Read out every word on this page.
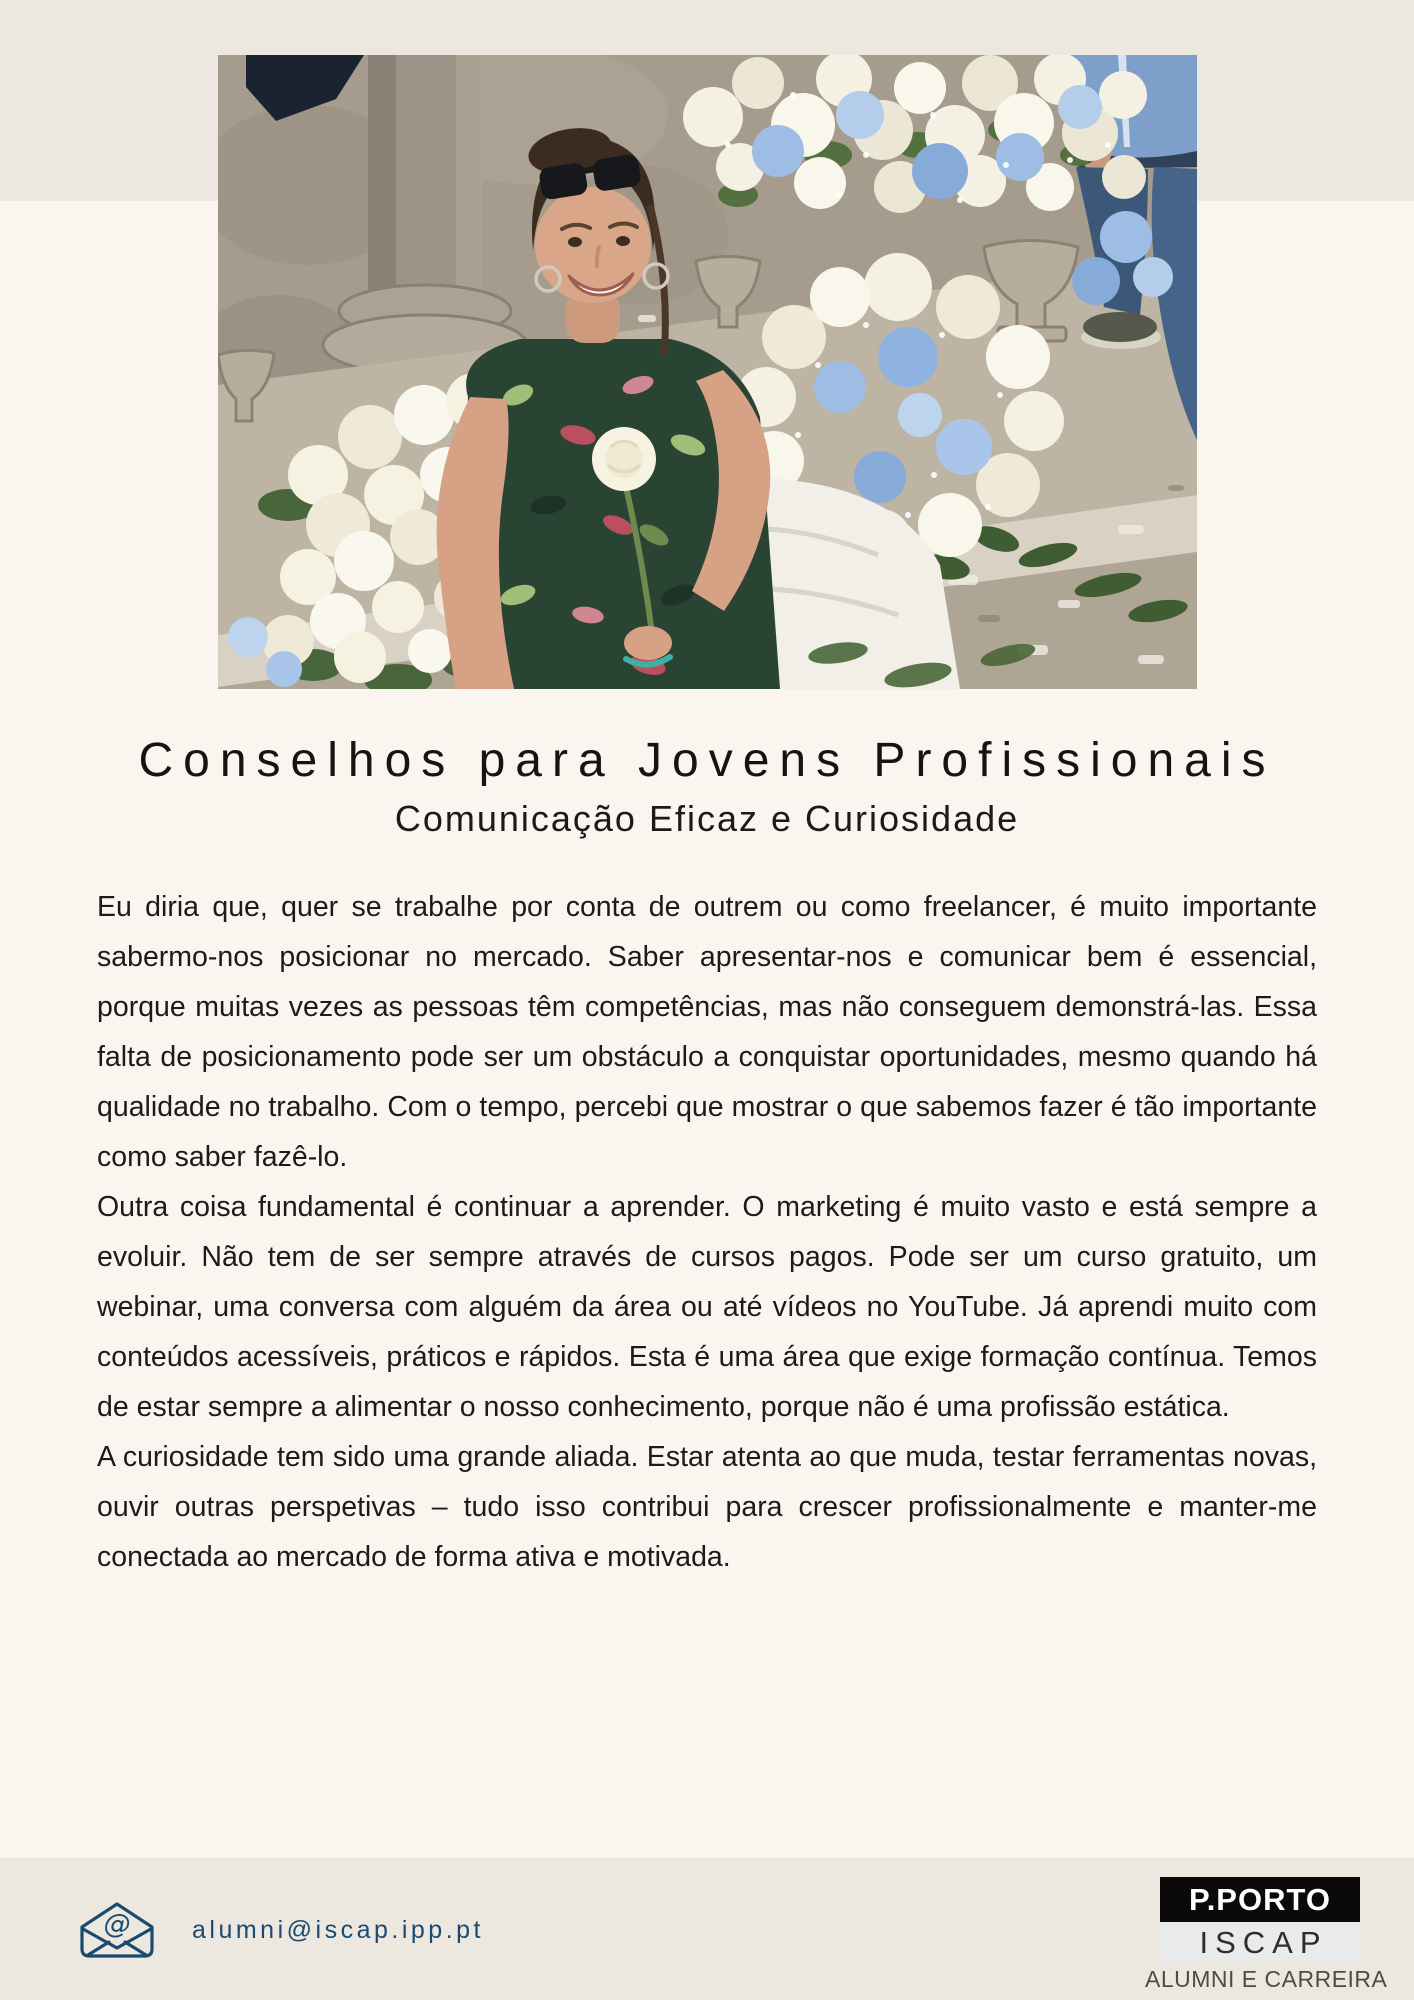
Conselhos para Jovens Profissionais
Comunicação Eficaz e Curiosidade

Eu diria que, quer se trabalhe por conta de outrem ou como freelancer, é muito importante sabermo-nos posicionar no mercado. Saber apresentar-nos e comunicar bem é essencial, porque muitas vezes as pessoas têm competências, mas não conseguem demonstrá-las. Essa falta de posicionamento pode ser um obstáculo a conquistar oportunidades, mesmo quando há qualidade no trabalho. Com o tempo, percebi que mostrar o que sabemos fazer é tão importante como saber fazê-lo.

Outra coisa fundamental é continuar a aprender. O marketing é muito vasto e está sempre a evoluir. Não tem de ser sempre através de cursos pagos. Pode ser um curso gratuito, um webinar, uma conversa com alguém da área ou até vídeos no YouTube. Já aprendi muito com conteúdos acessíveis, práticos e rápidos. Esta é uma área que exige formação contínua. Temos de estar sempre a alimentar o nosso conhecimento, porque não é uma profissão estática.

A curiosidade tem sido uma grande aliada. Estar atenta ao que muda, testar ferramentas novas, ouvir outras perspetivas – tudo isso contribui para crescer profissionalmente e manter-me conectada ao mercado de forma ativa e motivada.

@ alumni@iscap.ipp.pt
P.PORTO
ISCAP
ALUMNI E CARREIRA
